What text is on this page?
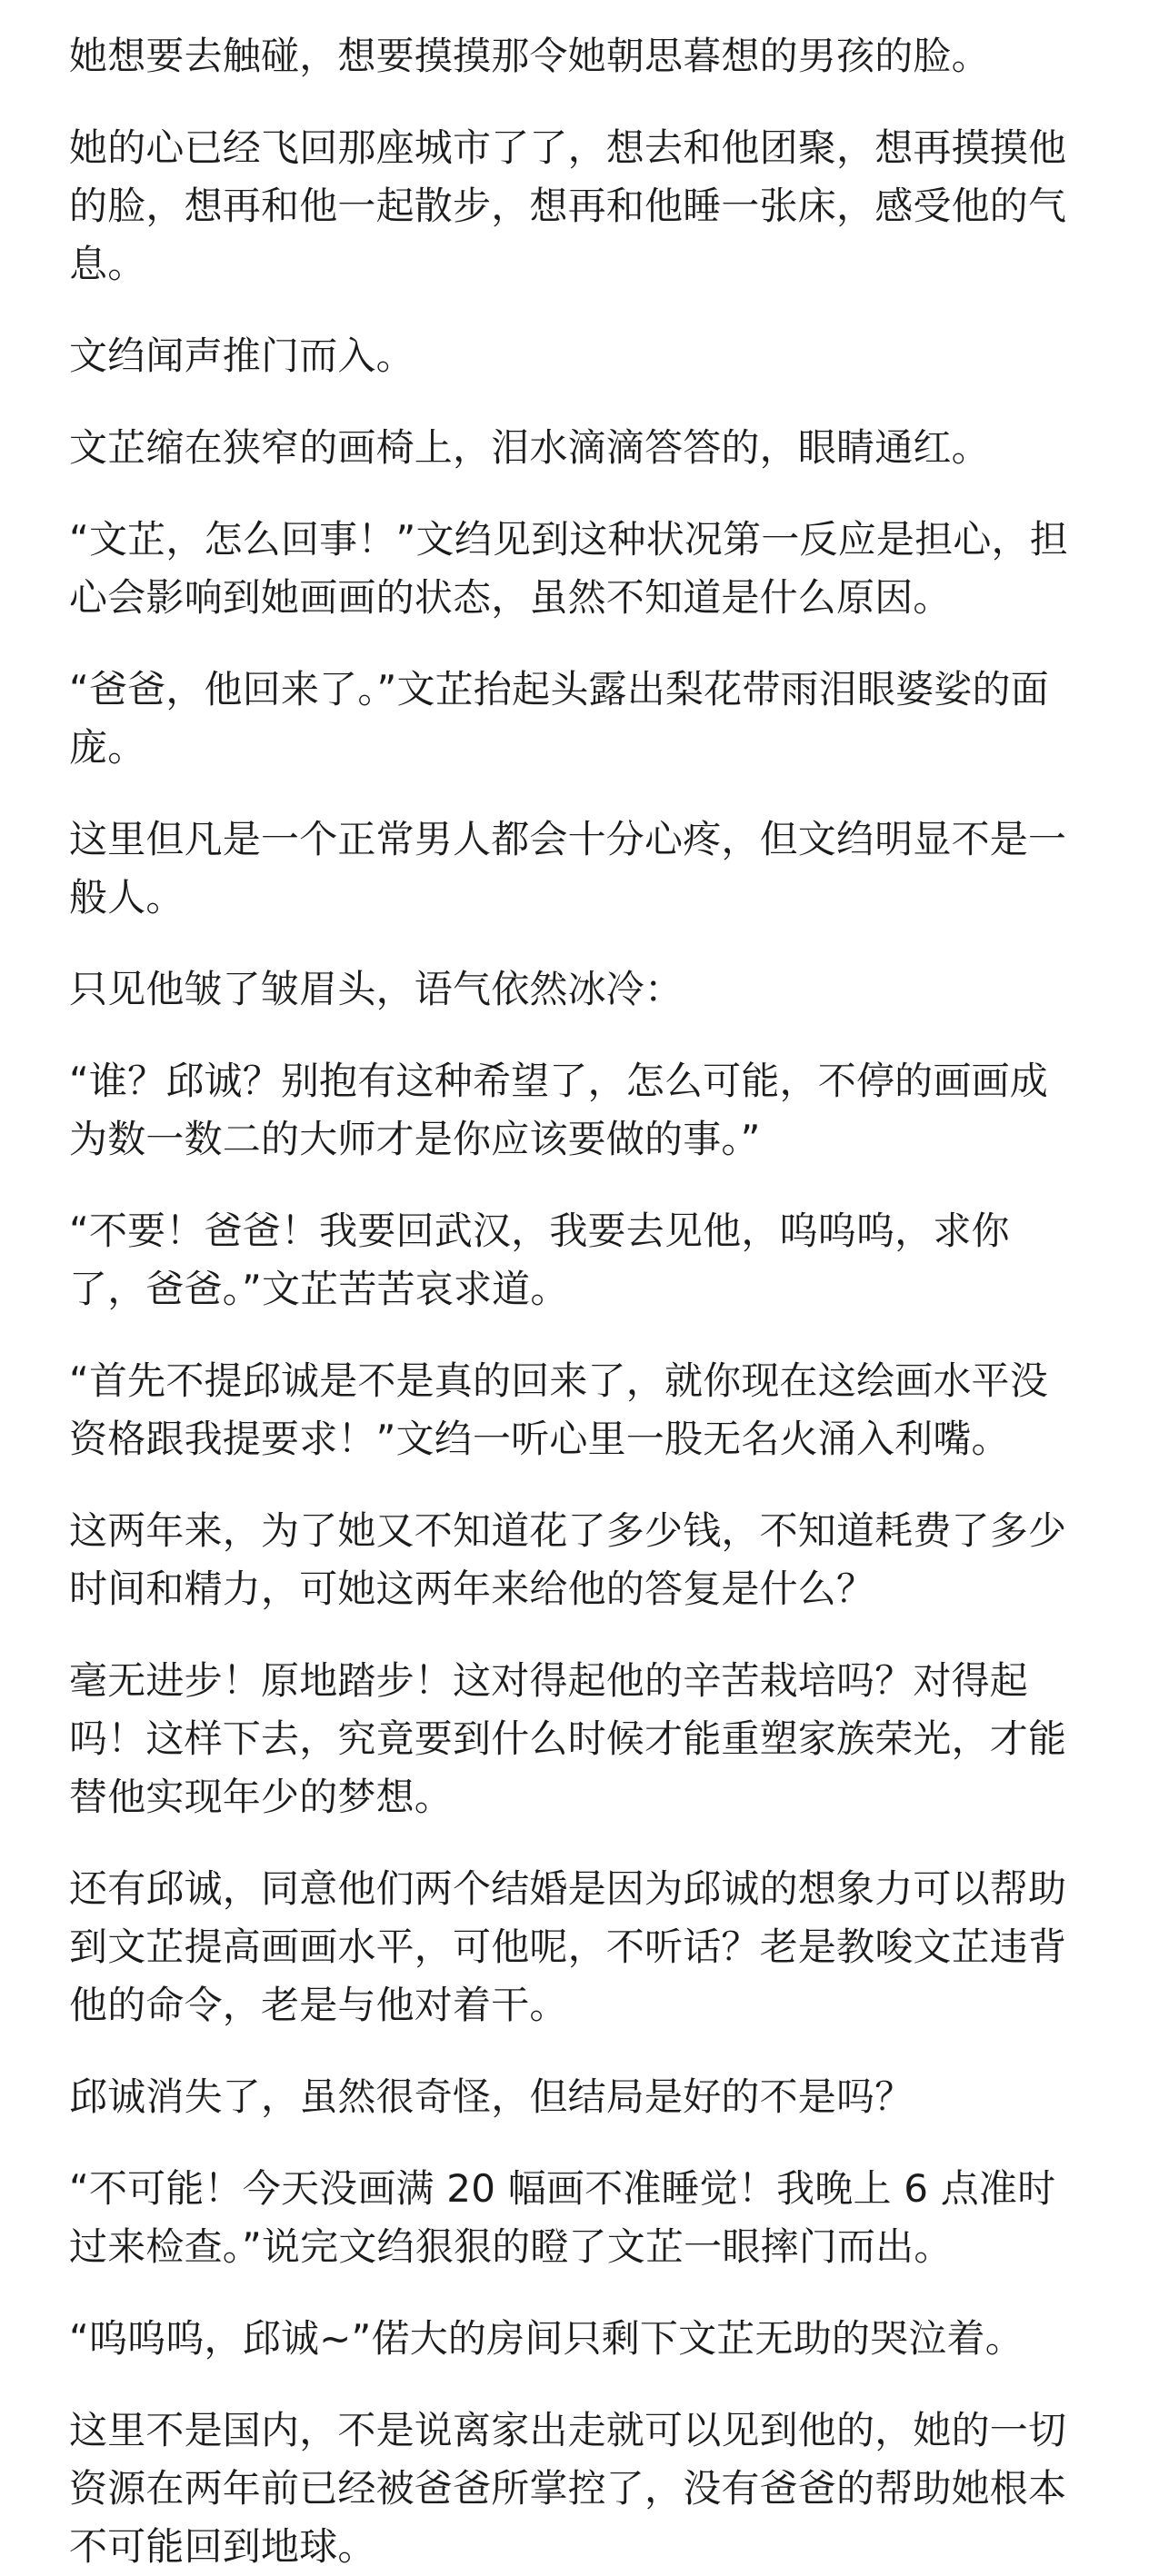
她想要去触碰，想要摸摸那令她朝思暮想的男孩的脸。

她的心已经飞回那座城市了了，想去和他团聚，想再摸摸他的脸，想再和他一起散步，想再和他睡一张床，感受他的气息。

文绉闻声推门而入。

文芷缩在狭窄的画椅上，泪水滴滴答答的，眼睛通红。

“文芷，怎么回事！”文绉见到这种状况第一反应是担心，担心会影响到她画画的状态，虽然不知道是什么原因。

“爸爸，他回来了。”文芷抬起头露出梨花带雨泪眼婆娑的面庞。

这里但凡是一个正常男人都会十分心疼，但文绉明显不是一般人。

只见他皱了皱眉头，语气依然冰冷：

“谁？邱诚？别抱有这种希望了，怎么可能，不停的画画成为数一数二的大师才是你应该要做的事。”

“不要！爸爸！我要回武汉，我要去见他，呜呜呜，求你了，爸爸。”文芷苦苦哀求道。

“首先不提邱诚是不是真的回来了，就你现在这绘画水平没资格跟我提要求！”文绉一听心里一股无名火涌入利嘴。

这两年来，为了她又不知道花了多少钱，不知道耗费了多少时间和精力，可她这两年来给他的答复是什么？

毫无进步！原地踏步！这对得起他的辛苦栽培吗？对得起吗！这样下去，究竟要到什么时候才能重塑家族荣光，才能替他实现年少的梦想。

还有邱诚，同意他们两个结婚是因为邱诚的想象力可以帮助到文芷提高画画水平，可他呢，不听话？老是教唆文芷违背他的命令，老是与他对着干。

邱诚消失了，虽然很奇怪，但结局是好的不是吗？

“不可能！今天没画满 20 幅画不准睡觉！我晚上 6 点准时过来检查。”说完文绉狠狠的瞪了文芷一眼摔门而出。

“呜呜呜，邱诚~”偌大的房间只剩下文芷无助的哭泣着。

这里不是国内，不是说离家出走就可以见到他的，她的一切资源在两年前已经被爸爸所掌控了，没有爸爸的帮助她根本不可能回到地球。
